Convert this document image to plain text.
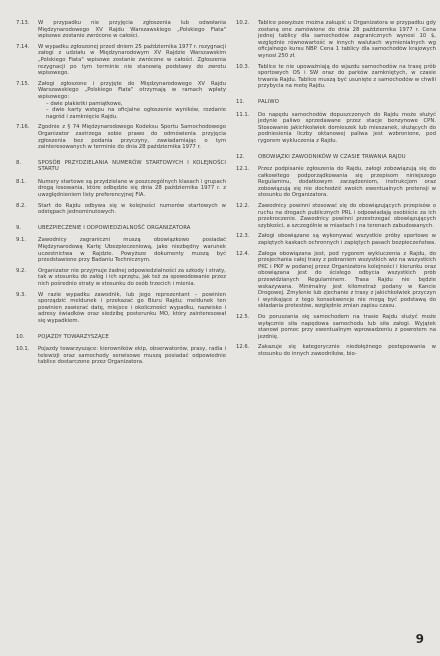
7.13.	W przypadku nie przyjęcia zgłoszenia lub odwołania Międzynarodowego XV Rajdu Warszawskiego „Polskiego Fiata" wpisowe zostanie zwrócone w całości.
7.14.	W wypadku zgłoszonej przed dniem 25 października 1977 r. rezygnacji załogi z udziału w Międzynarodowym XV Rajdzie Warszawskim „Polskiego Fiata" wpisowe zostanie zwrócone w całości. Zgłoszenia rezygnacji po tym terminie nie stanowią podstawy do zwrotu wpisowego.
7.15.	Załogi zgłoszone i przyjęte do Międzynarodowego XV Rajdu Warszawskiego „Polskiego Fiata" otrzymają w ramach wpłaty wpisowego:

– dwie plakietki pamiątkowe,

– dwie karty wstępu na oficjalne ogłoszenie wyników, rozdanie nagród i zamknięcie Rajdu.

7.16.	Zgodnie z § 74 Międzynarodowego Kodeksu Sportu Samochodowego Organizator zastrzega sobie prawo do odmówienia przyjęcia zgłoszenia bez podania przyczyny, zawiadamiając o tym zainteresowanych w terminie do dnia 28 października 1977 r.
8.	SPOSÓB PRZYDZIELANIA NUMERÓW STARTOWYCH I KOLEJNOŚCI STARTU
8.1.	Numery startowe są przydzielane w poszczególnych klasach i grupach drogą losowania, które odbędzie się dnia 28 października 1977 r. z uwzględnieniem listy preferencyjnej FIA.
8.2.	Start do Rajdu odbywa się w kolejności numerów startowych w odstępach jednominutowych.
9.	UBEZPIECZENIE I ODPOWIEDZIALNOŚĆ ORGANIZATORA
9.1.	Zawodnicy zagraniczni muszą obowiązkowo posiadać Międzynarodową Kartę Ubezpieczeniową, jako niezbędny warunek uczestnictwa w Rajdzie. Powyższe dokumenty muszą być przedstawione przy Badaniu Technicznym.
9.2.	Organizator nie przyjmuje żadnej odpowiedzialności za szkody i straty, tak w stosunku do załóg i ich sprzętu, jak też za spowodowanie przez nich pośrednio straty w stosunku do osób trzecich i mienia.
9.3.	W razie wypadku zawodnik, lub jego reprezentant – powinien sporządzić meldunek i przekazać go Biuru Rajdu; meldunek ten powinien zawierać datę, miejsce i okoliczności wypadku, nazwisko i adresy świadków oraz siedzibę posterunku MO, który zainteresował się wypadkiem.
10.	POJAZDY TOWARZYSZĄCE
10.1.	Pojazdy towarzyszące: kierowników ekip, obserwatorów, prasy, radia i telewizji oraz samochody serwisowe muszą posiadać odpowiednie tablice dostarczone przez Organizatora.
10.2.	Tablice powyższe można zakupić u Organizatora w przypadku gdy zostaną one zamówione do dnia 28 października 1977 r. Cena jednej tablicy dla samochodów zagranicznych wynosi 10 $, względnie równowartość w innych walutach wymienialnych wg oficjalnego kursu NBP. Cena 1 tablicy dla samochodów krajowych wynosi 250 zł.
10.3.	Tablice te nie upoważniają do wjazdu samochodów na trasę prób sportowych OS i SW oraz do parków zamkniętych, w czasie trwania Rajdu. Tablice muszą być usunięte z samochodów w chwili przybycia na metę Rajdu.
11.	PALIWO
11.1.	Do napędu samochodów dopuszczonych do Rajdu może służyć jedynie paliwo sprzedawane przez stacje benzynowe CPN. Stosowanie jakichkolwiek domieszek lub mieszanek, służących do podniesienia liczby oktanowej paliwa jest wzbronione, pod rygorem wykluczenia z Rajdu.
12.	OBOWIĄZKI ZAWODNIKÓW W CZASIE TRWANIA RAJDU
12.1.	Przez podpisanie zgłoszenia do Rajdu, załogi zobowiązują się do całkowitego podporządkowania się przepisom niniejszego Regulaminu, dodatkowym zarządzeniom, instrukcjom oraz zobowiązują się nie dochodzić swoich ewentualnych pretensji w stosunku do Organizatora.
12.2.	Zawodnicy powinni stosować się do obowiązujących przepisów o ruchu na drogach publicznych PRL i odpowiadają osobiście za ich przekroczenie. Zawodnicy powinni przestrzegać obowiązujących szybkości, a szczególnie w miastach i na terenach zabudowanych.
12.3.	Załogi obowiązane są wykonywać wszystkie próby sportowe w zapiętych kaskach ochronnych i zapiętych pasach bezpieczeństwa.
12.4.	Załoga obowiązana jest, pod rygorem wykluczenia z Rajdu, do przejechania całej trasy z pobraniem wszystkich wiz na wszystkich PKC i PKP w podanej przez Organizatora kolejności i kierunku oraz obowiązana jest do ścisłego odbycia wszystkich prób przewidzianych Regulaminem. Trasa Rajdu nie będzie wskazywana. Minimalny jest kilometraż podany w Kancie Drogowej. Zmylenie lub zjechanie z trasy z jakichkolwiek przyczyn i wynikające z tego konsekwencje nie mogą być podstawą do składania protestów, względnie zmian zapisu czasu.
12.5.	Do poruszania się samochodem na trasie Rajdu służyć może wyłącznie siła napędowa samochodu lub siła załogi. Wyjątek stanowi pomoc przy ewentualnym wprowadzeniu z powrotem na jezdnię.
12.6.	Zakazuje się kategorycznie niedołężnego postępowania w stosunku do innych zawodników, bio-
9
